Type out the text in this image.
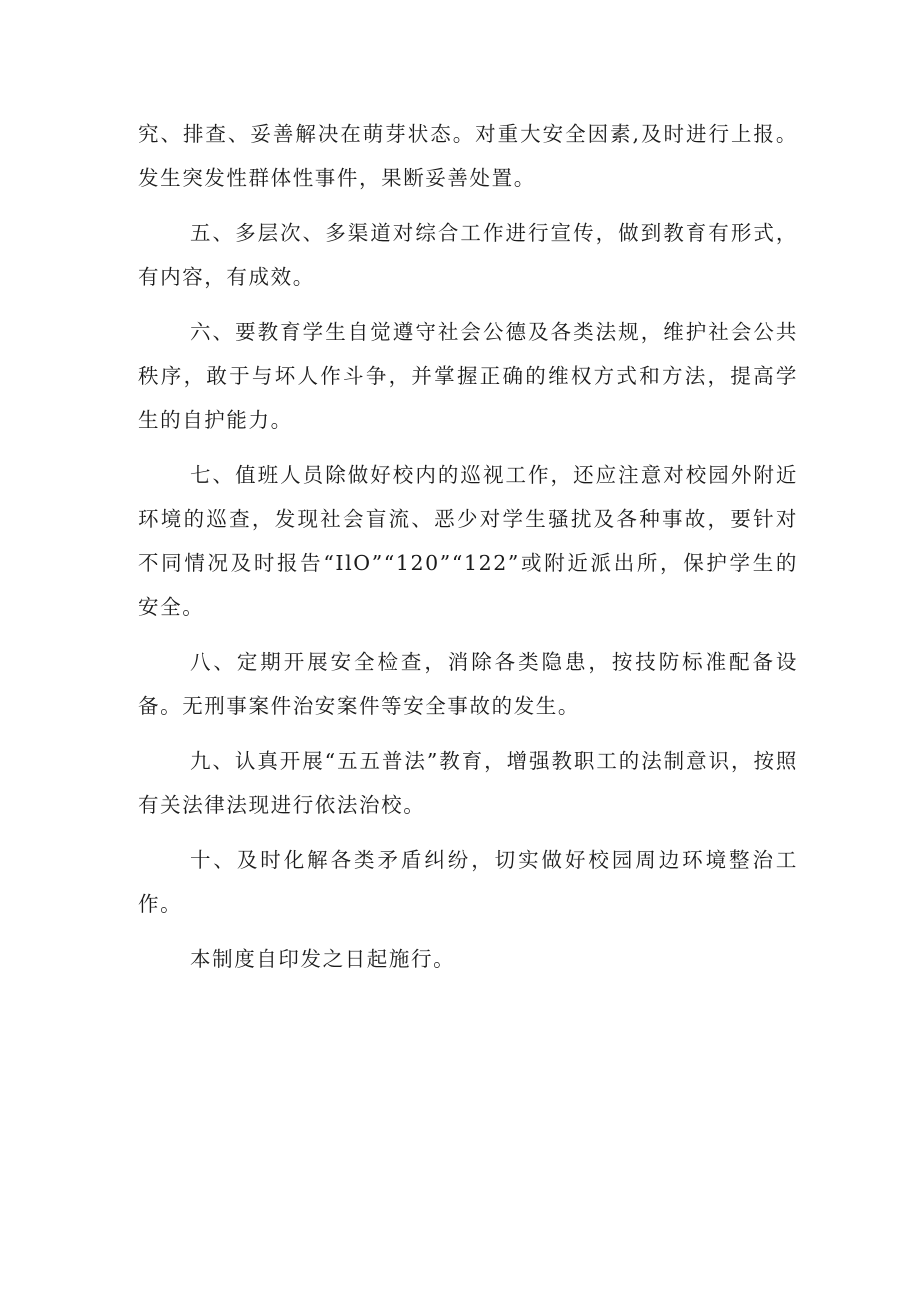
究、排查、妥善解决在萌芽状态。对重大安全因素,及时进行上报。发生突发性群体性事件，果断妥善处置。

五、多层次、多渠道对综合工作进行宣传，做到教育有形式，有内容，有成效。

六、要教育学生自觉遵守社会公德及各类法规，维护社会公共秩序，敢于与坏人作斗争，并掌握正确的维权方式和方法，提高学生的自护能力。

七、值班人员除做好校内的巡视工作，还应注意对校园外附近环境的巡查，发现社会盲流、恶少对学生骚扰及各种事故，要针对不同情况及时报告“IlO”“120”“122”或附近派出所，保护学生的安全。

八、定期开展安全检查，消除各类隐患，按技防标准配备设备。无刑事案件治安案件等安全事故的发生。

九、认真开展“五五普法”教育，增强教职工的法制意识，按照有关法律法现进行依法治校。

十、及时化解各类矛盾纠纷，切实做好校园周边环境整治工作。

本制度自印发之日起施行。
